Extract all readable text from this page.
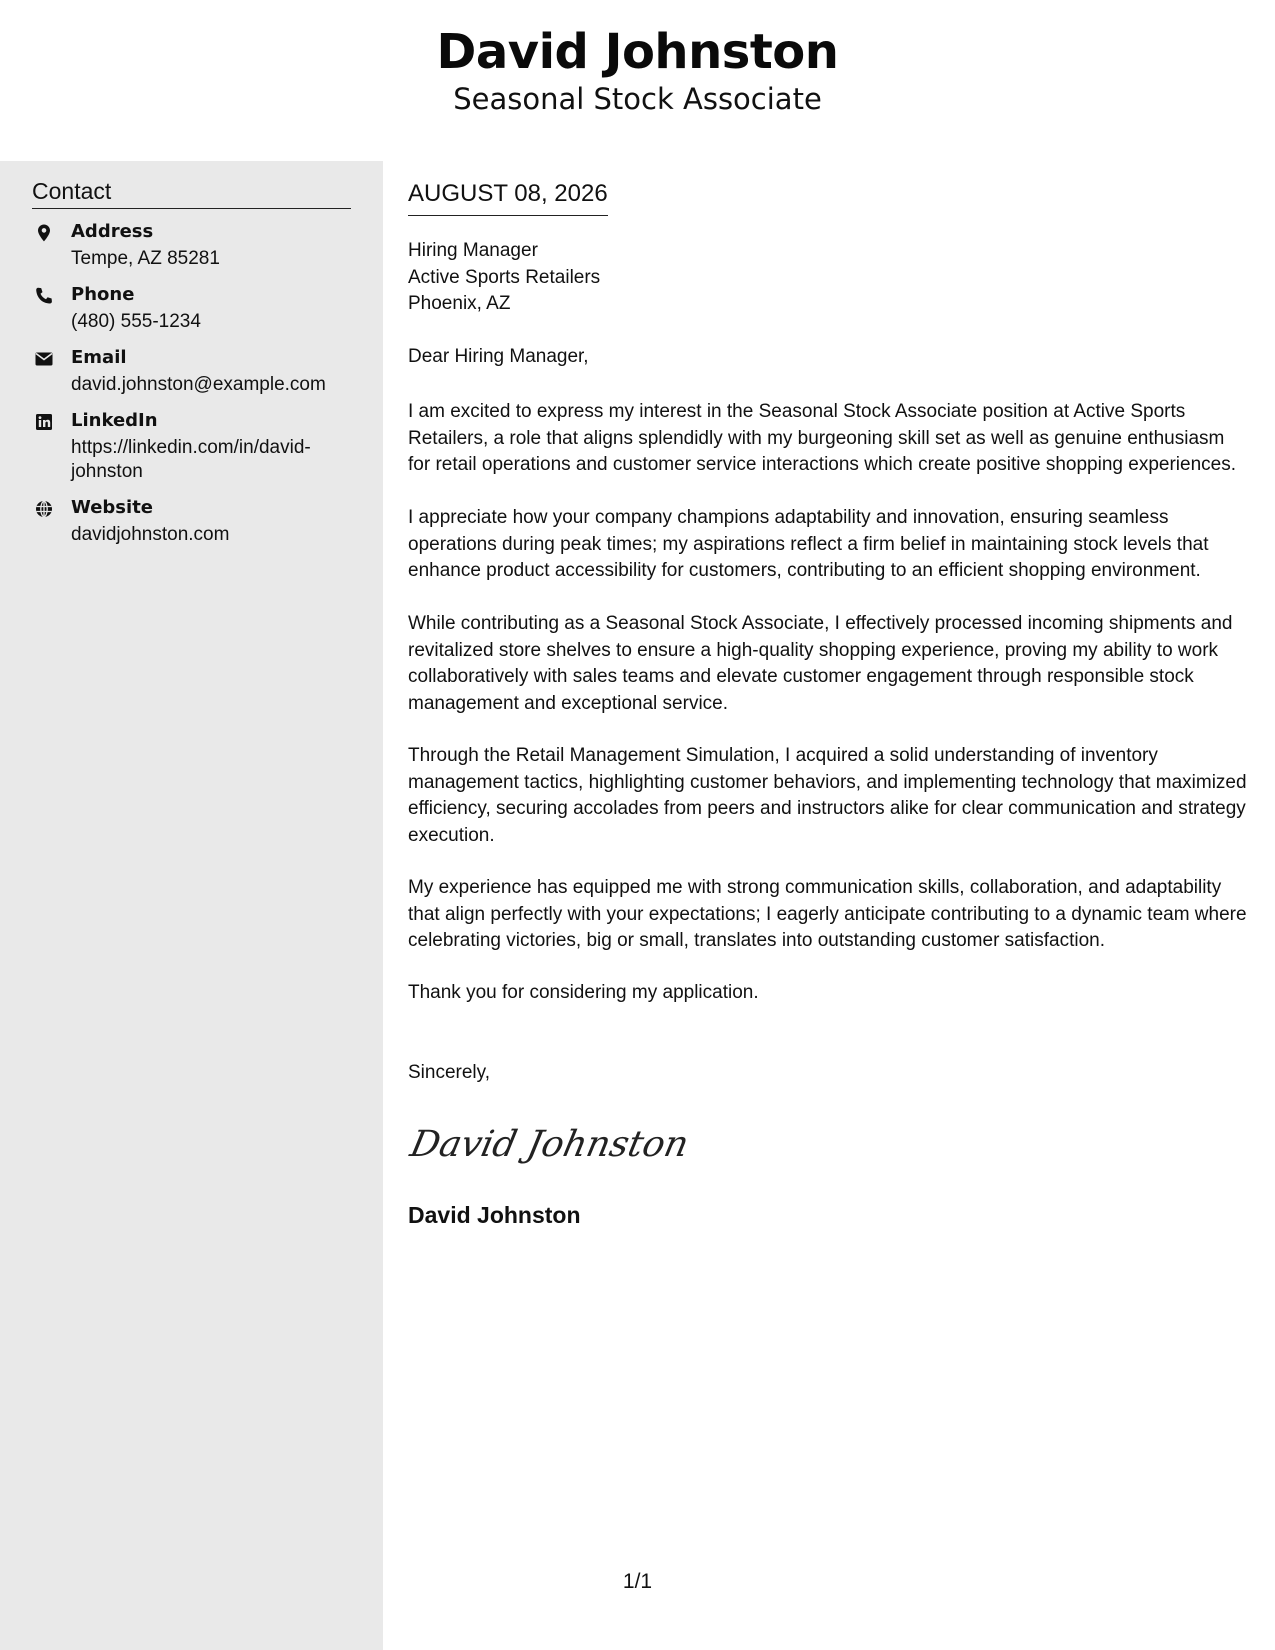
David Johnston
Seasonal Stock Associate
Contact
Address
Tempe, AZ 85281
Phone
(480) 555-1234
Email
david.johnston@example.com
LinkedIn
https://linkedin.com/in/david-johnston
Website
davidjohnston.com
AUGUST 08, 2026
Hiring Manager
Active Sports Retailers
Phoenix, AZ
Dear Hiring Manager,

I am excited to express my interest in the Seasonal Stock Associate position at Active Sports Retailers, a role that aligns splendidly with my burgeoning skill set as well as genuine enthusiasm for retail operations and customer service interactions which create positive shopping experiences.

I appreciate how your company champions adaptability and innovation, ensuring seamless operations during peak times; my aspirations reflect a firm belief in maintaining stock levels that enhance product accessibility for customers, contributing to an efficient shopping environment.

While contributing as a Seasonal Stock Associate, I effectively processed incoming shipments and revitalized store shelves to ensure a high-quality shopping experience, proving my ability to work collaboratively with sales teams and elevate customer engagement through responsible stock management and exceptional service.

Through the Retail Management Simulation, I acquired a solid understanding of inventory management tactics, highlighting customer behaviors, and implementing technology that maximized efficiency, securing accolades from peers and instructors alike for clear communication and strategy execution.

My experience has equipped me with strong communication skills, collaboration, and adaptability that align perfectly with your expectations; I eagerly anticipate contributing to a dynamic team where celebrating victories, big or small, translates into outstanding customer satisfaction.

Thank you for considering my application.
Sincerely,
David Johnston
David Johnston
1/1
